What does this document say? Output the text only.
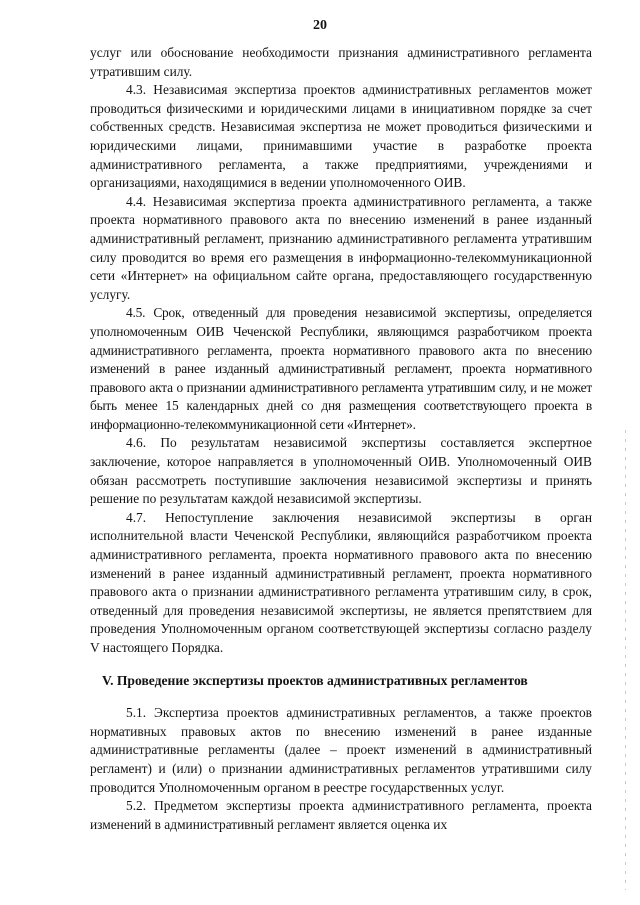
20

услуг или обоснование необходимости признания административного регламента утратившим силу.

4.3. Независимая экспертиза проектов административных регламентов может проводиться физическими и юридическими лицами в инициативном порядке за счет собственных средств. Независимая экспертиза не может проводиться физическими и юридическими лицами, принимавшими участие в разработке проекта административного регламента, а также предприятиями, учреждениями и организациями, находящимися в ведении уполномоченного ОИВ.

4.4. Независимая экспертиза проекта административного регламента, а также проекта нормативного правового акта по внесению изменений в ранее изданный административный регламент, признанию административного регламента утратившим силу проводится во время его размещения в информационно-телекоммуникационной сети «Интернет» на официальном сайте органа, предоставляющего государственную услугу.

4.5. Срок, отведенный для проведения независимой экспертизы, определяется уполномоченным ОИВ Чеченской Республики, являющимся разработчиком проекта административного регламента, проекта нормативного правового акта по внесению изменений в ранее изданный административный регламент, проекта нормативного правового акта о признании административного регламента утратившим силу, и не может быть менее 15 календарных дней со дня размещения соответствующего проекта в информационно-телекоммуникационной сети «Интернет».

4.6. По результатам независимой экспертизы составляется экспертное заключение, которое направляется в уполномоченный ОИВ. Уполномоченный ОИВ обязан рассмотреть поступившие заключения независимой экспертизы и принять решение по результатам каждой независимой экспертизы.

4.7. Непоступление заключения независимой экспертизы в орган исполнительной власти Чеченской Республики, являющийся разработчиком проекта административного регламента, проекта нормативного правового акта по внесению изменений в ранее изданный административный регламент, проекта нормативного правового акта о признании административного регламента утратившим силу, в срок, отведенный для проведения независимой экспертизы, не является препятствием для проведения Уполномоченным органом соответствующей экспертизы согласно разделу V настоящего Порядка.

V. Проведение экспертизы проектов административных регламентов

5.1. Экспертиза проектов административных регламентов, а также проектов нормативных правовых актов по внесению изменений в ранее изданные административные регламенты (далее – проект изменений в административный регламент) и (или) о признании административных регламентов утратившими силу проводится Уполномоченным органом в реестре государственных услуг.

5.2. Предметом экспертизы проекта административного регламента, проекта изменений в административный регламент является оценка их
